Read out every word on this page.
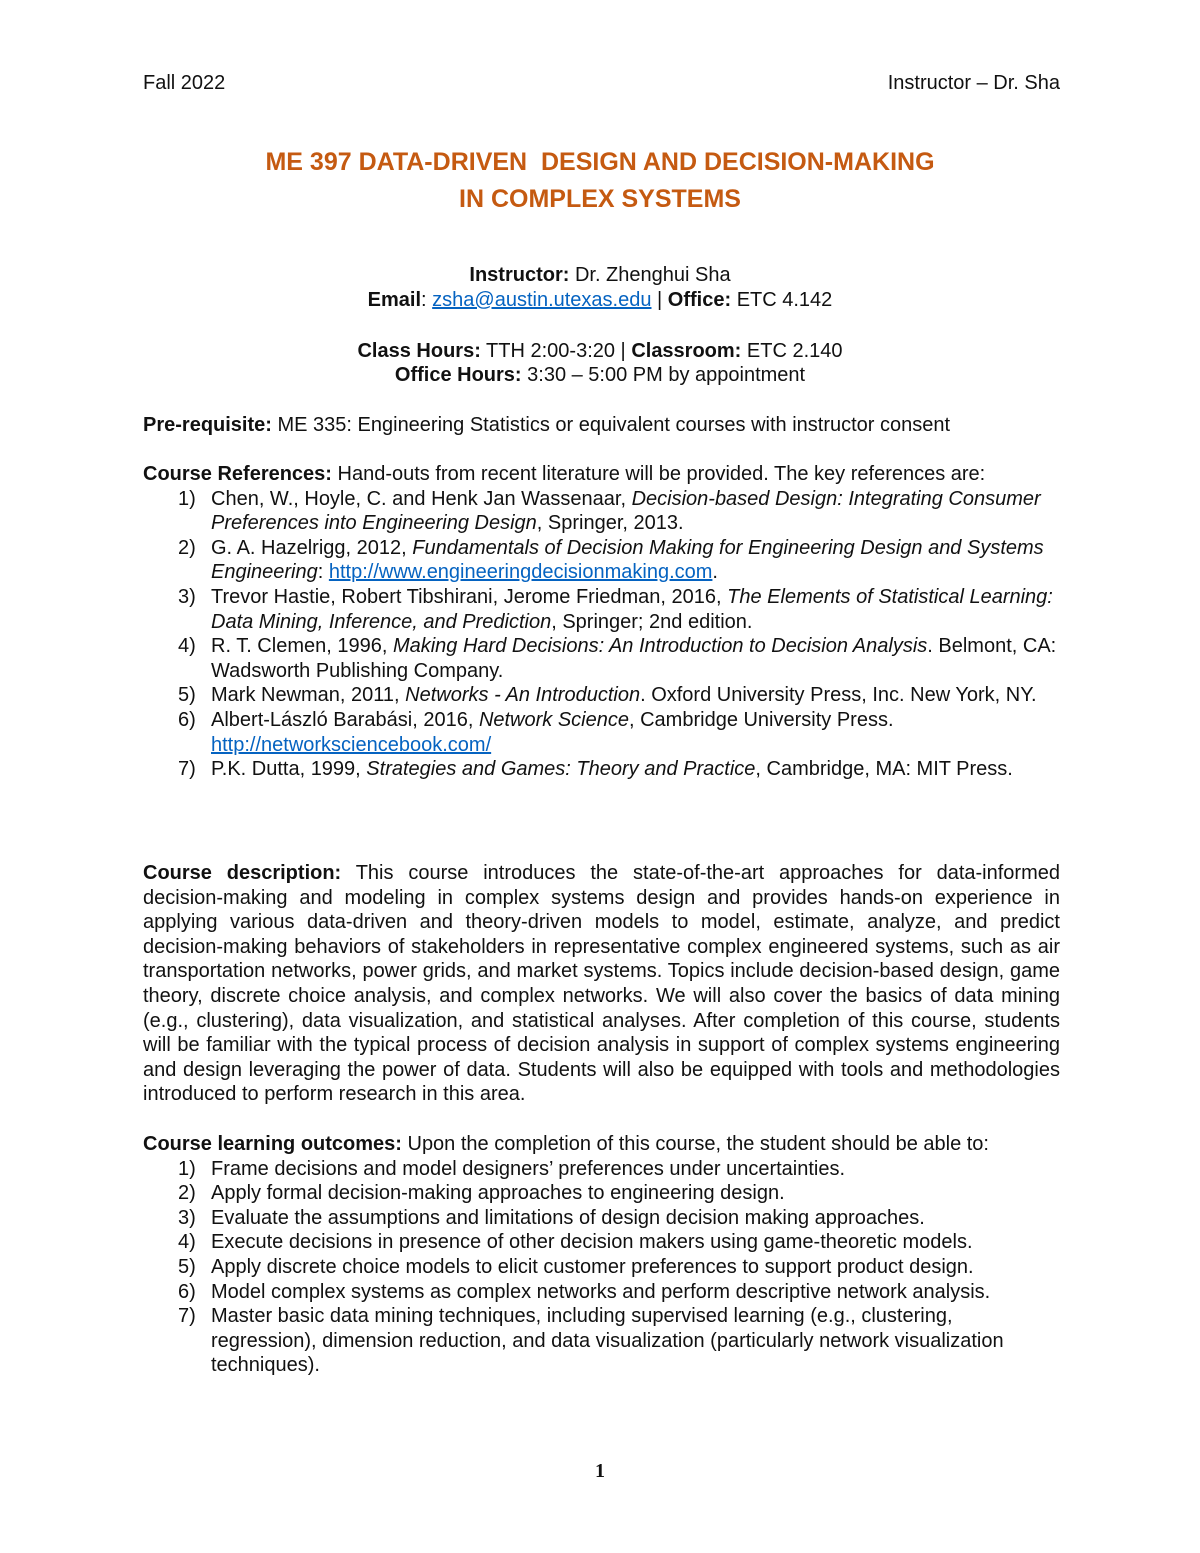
Fall 2022	Instructor – Dr. Sha
ME 397 DATA-DRIVEN  DESIGN AND DECISION-MAKING
IN COMPLEX SYSTEMS
Instructor: Dr. Zhenghui Sha
Email: zsha@austin.utexas.edu | Office: ETC 4.142
Class Hours: TTH 2:00-3:20 | Classroom: ETC 2.140
Office Hours: 3:30 – 5:00 PM by appointment
Pre-requisite: ME 335: Engineering Statistics or equivalent courses with instructor consent
Course References: Hand-outs from recent literature will be provided. The key references are:
1) Chen, W., Hoyle, C. and Henk Jan Wassenaar, Decision-based Design: Integrating Consumer Preferences into Engineering Design, Springer, 2013.
2) G. A. Hazelrigg, 2012, Fundamentals of Decision Making for Engineering Design and Systems Engineering: http://www.engineeringdecisionmaking.com.
3) Trevor Hastie, Robert Tibshirani, Jerome Friedman, 2016, The Elements of Statistical Learning: Data Mining, Inference, and Prediction, Springer; 2nd edition.
4) R. T. Clemen, 1996, Making Hard Decisions: An Introduction to Decision Analysis. Belmont, CA: Wadsworth Publishing Company.
5) Mark Newman, 2011, Networks - An Introduction. Oxford University Press, Inc. New York, NY.
6) Albert-László Barabási, 2016, Network Science, Cambridge University Press. http://networksciencebook.com/
7) P.K. Dutta, 1999, Strategies and Games: Theory and Practice, Cambridge, MA: MIT Press.
Course description: This course introduces the state-of-the-art approaches for data-informed decision-making and modeling in complex systems design and provides hands-on experience in applying various data-driven and theory-driven models to model, estimate, analyze, and predict decision-making behaviors of stakeholders in representative complex engineered systems, such as air transportation networks, power grids, and market systems. Topics include decision-based design, game theory, discrete choice analysis, and complex networks. We will also cover the basics of data mining (e.g., clustering), data visualization, and statistical analyses. After completion of this course, students will be familiar with the typical process of decision analysis in support of complex systems engineering and design leveraging the power of data. Students will also be equipped with tools and methodologies introduced to perform research in this area.
Course learning outcomes: Upon the completion of this course, the student should be able to:
1) Frame decisions and model designers’ preferences under uncertainties.
2) Apply formal decision-making approaches to engineering design.
3) Evaluate the assumptions and limitations of design decision making approaches.
4) Execute decisions in presence of other decision makers using game-theoretic models.
5) Apply discrete choice models to elicit customer preferences to support product design.
6) Model complex systems as complex networks and perform descriptive network analysis.
7) Master basic data mining techniques, including supervised learning (e.g., clustering, regression), dimension reduction, and data visualization (particularly network visualization techniques).
1
